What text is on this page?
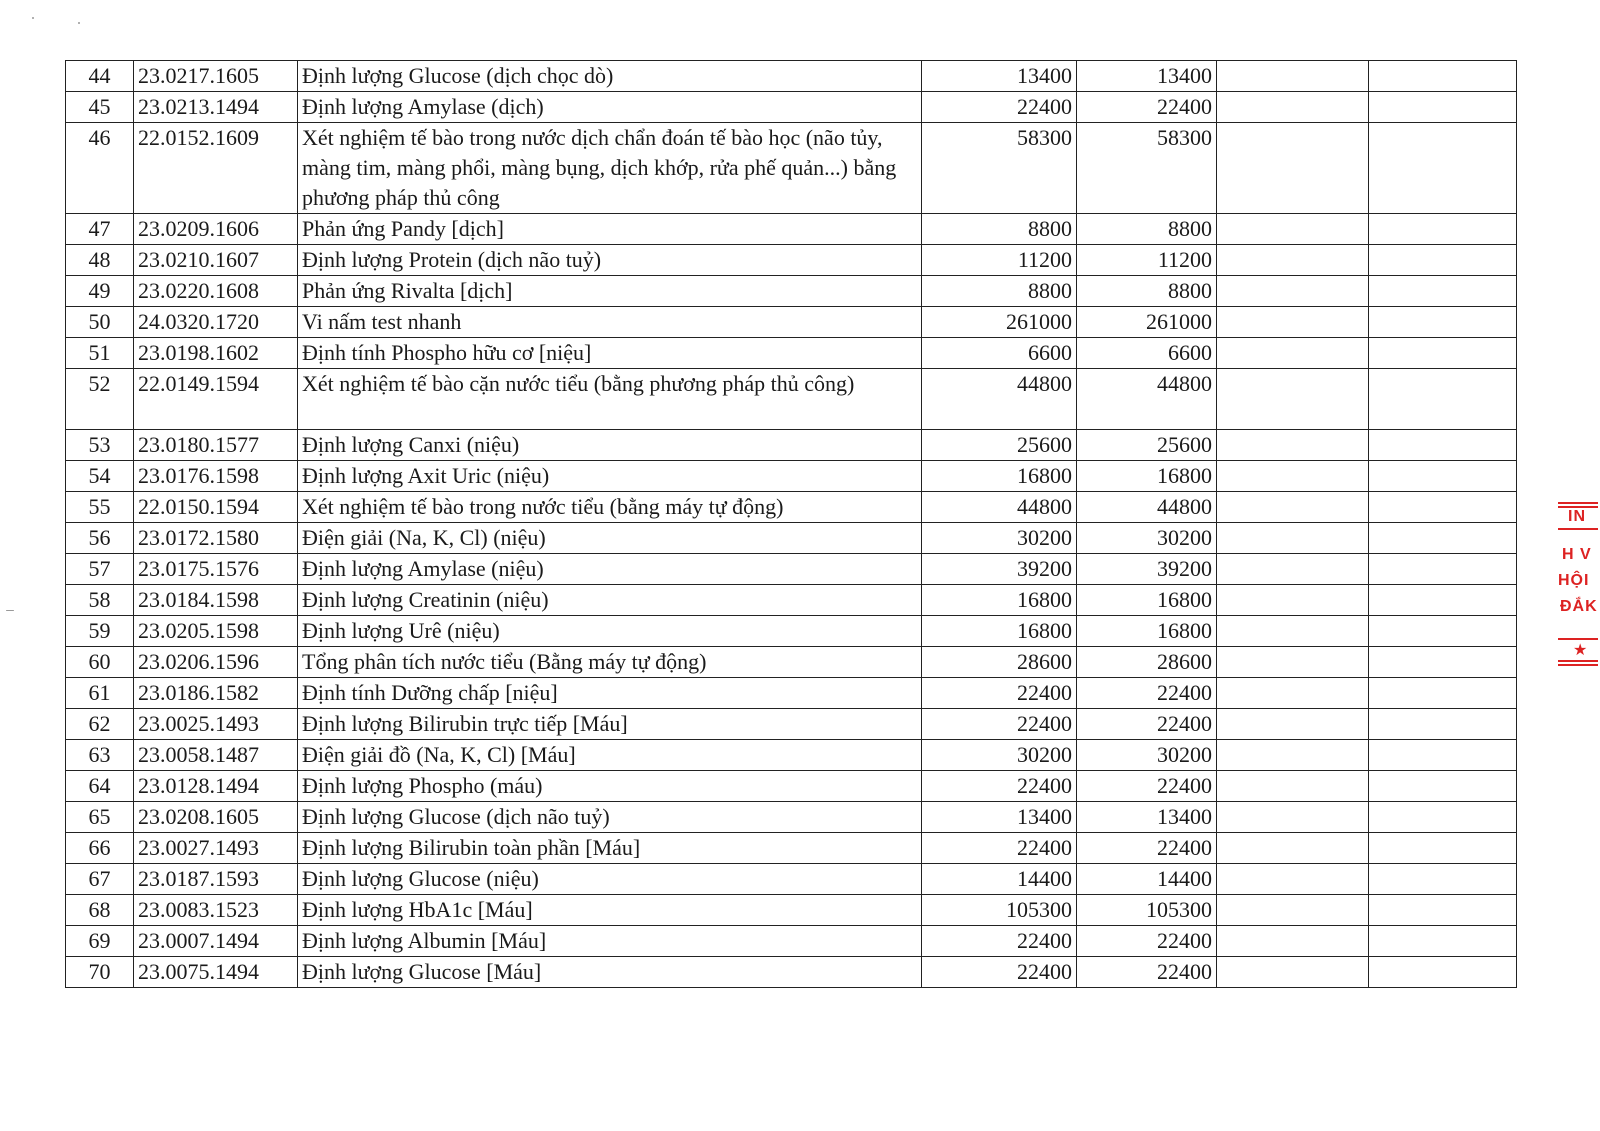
44	23.0217.1605	Định lượng Glucose (dịch chọc dò)	13400	13400		
45	23.0213.1494	Định lượng Amylase (dịch)	22400	22400		
46	22.0152.1609	Xét nghiệm tế bào trong nước dịch chẩn đoán tế bào học (não tủy, màng tim, màng phổi, màng bụng, dịch khớp, rửa phế quản...) bằng phương pháp thủ công	58300	58300		
47	23.0209.1606	Phản ứng Pandy [dịch]	8800	8800		
48	23.0210.1607	Định lượng Protein (dịch não tuỷ)	11200	11200		
49	23.0220.1608	Phản ứng Rivalta [dịch]	8800	8800		
50	24.0320.1720	Vi nấm test nhanh	261000	261000		
51	23.0198.1602	Định tính Phospho hữu cơ [niệu]	6600	6600		
52	22.0149.1594	Xét nghiệm tế bào cặn nước tiểu (bằng phương pháp thủ công)	44800	44800		
53	23.0180.1577	Định lượng Canxi (niệu)	25600	25600		
54	23.0176.1598	Định lượng Axit Uric (niệu)	16800	16800		
55	22.0150.1594	Xét nghiệm tế bào trong nước tiểu (bằng máy tự động)	44800	44800		
56	23.0172.1580	Điện giải (Na, K, Cl) (niệu)	30200	30200		
57	23.0175.1576	Định lượng Amylase (niệu)	39200	39200		
58	23.0184.1598	Định lượng Creatinin (niệu)	16800	16800		
59	23.0205.1598	Định lượng Urê (niệu)	16800	16800		
60	23.0206.1596	Tổng phân tích nước tiểu (Bằng máy tự động)	28600	28600		
61	23.0186.1582	Định tính Dưỡng chấp [niệu]	22400	22400		
62	23.0025.1493	Định lượng Bilirubin trực tiếp [Máu]	22400	22400		
63	23.0058.1487	Điện giải đồ (Na, K, Cl) [Máu]	30200	30200		
64	23.0128.1494	Định lượng Phospho (máu)	22400	22400		
65	23.0208.1605	Định lượng Glucose (dịch não tuỷ)	13400	13400		
66	23.0027.1493	Định lượng Bilirubin toàn phần [Máu]	22400	22400		
67	23.0187.1593	Định lượng Glucose (niệu)	14400	14400		
68	23.0083.1523	Định lượng HbA1c [Máu]	105300	105300		
69	23.0007.1494	Định lượng Albumin [Máu]	22400	22400		
70	23.0075.1494	Định lượng Glucose [Máu]	22400	22400		
IN
H V
HỘI
ĐẮK
★
